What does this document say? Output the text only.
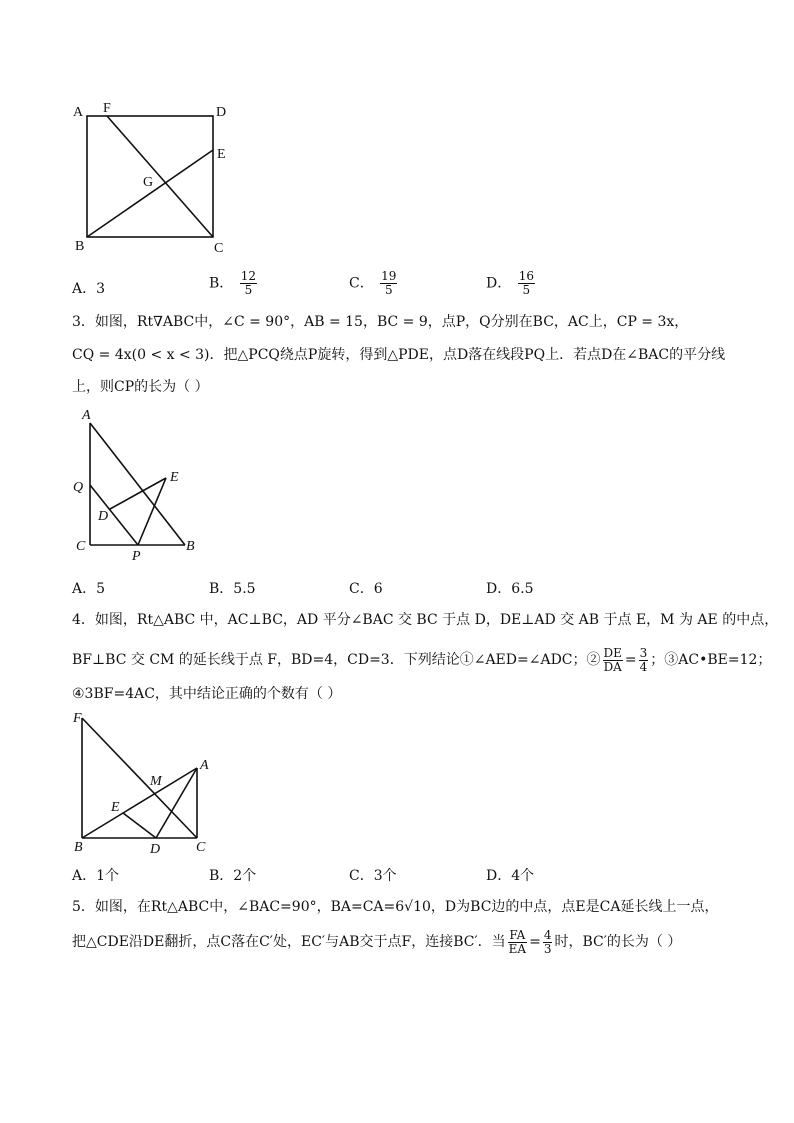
A F	D
E
G
B	C
A．3	B． $\frac{12}{5}$	C． $\frac{19}{5}$	D． $\frac{16}{5}$
3．如图，Rt∇ABC中，∠C = 90°，AB = 15，BC = 9，点P，Q分别在BC，AC上，CP = 3x，
CQ = 4x(0 < x < 3)．把△PCQ绕点P旋转，得到△PDE，点D落在线段PQ上．若点D在∠BAC的平分线
上，则CP的长为（ ）
A
Q
E
D
C
P
B
A．5	B．5.5	C．6	D．6.5
4．如图，Rt△ABC 中，AC⊥BC，AD 平分∠BAC 交 BC 于点 D，DE⊥AD 交 AB 于点 E，M 为 AE 的中点，
BF⊥BC 交 CM 的延长线于点 F，BD=4，CD=3．下列结论①∠AED=∠ADC；② $\frac{DE}{DA} = \frac{3}{4}$ ；③AC•BE=12；
④3BF=4AC，其中结论正确的个数有（ ）
F
M
A
E
B	D	C
A．1个	B．2个	C．3个	D．4个
5．如图，在Rt△ABC中，∠BAC=90°，BA=CA=6√10，D为BC边的中点，点E是CA延长线上一点，
把△CDE沿DE翻折，点C落在C′处，EC′与AB交于点F，连接BC′．当 $\frac{FA}{EA} = \frac{4}{3}$ 时，BC′的长为（ ）
